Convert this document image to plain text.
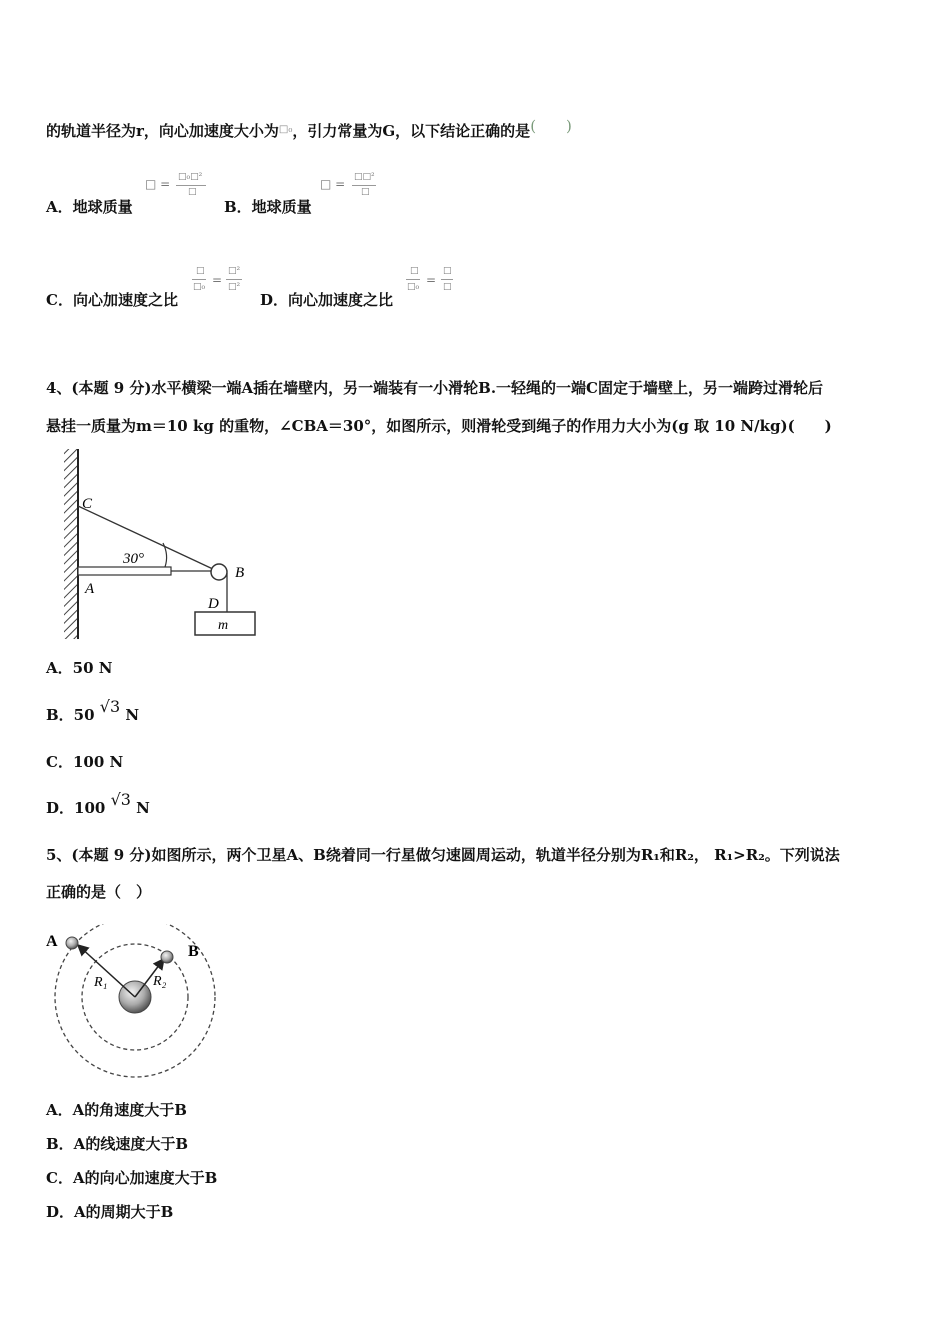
的轨道半径为r，向心加速度大小为$^{□_0}$，引力常量为G，以下结论正确的是(　　)
A．地球质量
□ = □₀□²
□
B．地球质量
□ = □□²
□
C．向心加速度之比
□
□₀ =
□²
□²
D．向心加速度之比
□
□₀ =
□
□
4、(本题 9 分)水平横梁一端A插在墙壁内，另一端装有一小滑轮B.一轻绳的一端C固定于墙壁上，另一端跨过滑轮后
悬挂一质量为m＝10 kg 的重物，∠CBA＝30°，如图所示，则滑轮受到绳子的作用力大小为(g 取 10 N/kg)(　　)
C
30°
A
B
D
m
A．50 N
B．50 √3 N
C．100 N
D．100 √3 N
5、(本题 9 分)如图所示，两个卫星A、B绕着同一行星做匀速圆周运动，轨道半径分别为R₁和R₂， R₁>R₂。下列说法
正确的是（　）
A
B
R₁	R₂
A．A的角速度大于B
B．A的线速度大于B
C．A的向心加速度大于B
D．A的周期大于B
